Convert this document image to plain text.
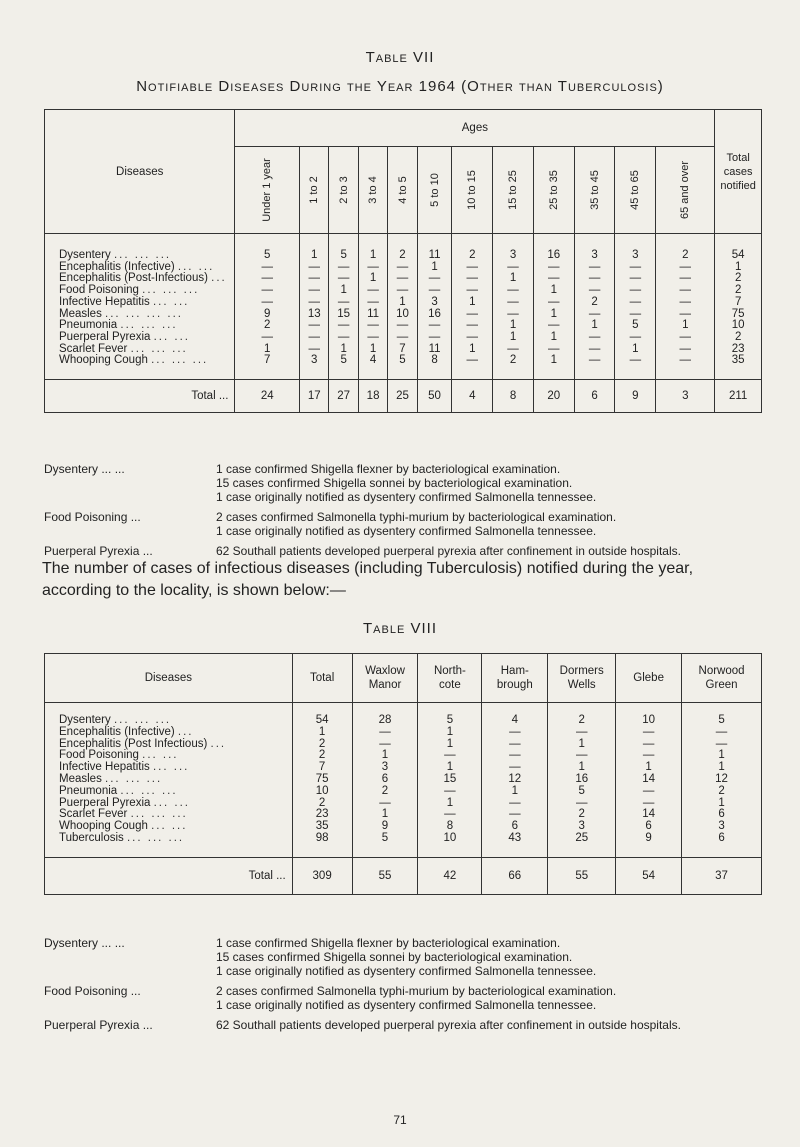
Table VII
Notifiable Diseases During the Year 1964 (Other than Tuberculosis)
Diseases	Ages												Total cases notified
	Under 1 year	1 to 2	2 to 3	3 to 4	4 to 5	5 to 10	10 to 15	15 to 25	25 to 35	35 to 45	45 to 65	65 and over	
Dysentery ... ... ...	5	1	5	1	2	11	2	3	16	3	3	2	54
Encephalitis (Infective) ... ...	—	—	—	—	—	1	—	—	—	—	—	—	1
Encephalitis (Post-Infectious) ...	—	—	—	1	—	—	—	1	—	—	—	—	2
Food Poisoning ... ... ...	—	—	1	—	—	—	—	—	1	—	—	—	2
Infective Hepatitis ... ...	—	—	—	—	1	3	1	—	—	2	—	—	7
Measles ... ... ... ...	9	13	15	11	10	16	—	—	1	—	—	—	75
Pneumonia ... ... ...	2	—	—	—	—	—	—	1	—	1	5	1	10
Puerperal Pyrexia ... ...	—	—	—	—	—	—	—	1	1	—	—	—	2
Scarlet Fever ... ... ...	1	—	1	1	7	11	1	—	—	—	1	—	23
Whooping Cough ... ... ...	7	3	5	4	5	8	—	2	1	—	—	—	35
Total ...	24	17	27	18	25	50	4	8	20	6	9	3	211
Dysentery ... ...	1 case confirmed Shigella flexner by bacteriological examination.
15 cases confirmed Shigella sonnei by bacteriological examination.
1 case originally notified as dysentery confirmed Salmonella tennessee.
Food Poisoning ...	2 cases confirmed Salmonella typhi-murium by bacteriological examination.
1 case originally notified as dysentery confirmed Salmonella tennessee.
Puerperal Pyrexia ...	62 Southall patients developed puerperal pyrexia after confinement in outside hospitals.
The number of cases of infectious diseases (including Tuberculosis) notified during the year, according to the locality, is shown below:—
Table VIII
Diseases	Total	Waxlow Manor	North- cote	Ham- brough	Dormers Wells	Glebe	Norwood Green
Dysentery ... ... ...	54	28	5	4	2	10	5
Encephalitis (Infective) ...	1	—	1	—	—	—	—
Encephalitis (Post Infectious) ...	2	—	1	—	1	—	—
Food Poisoning ... ...	2	1	—	—	—	—	1
Infective Hepatitis ... ...	7	3	1	—	1	1	1
Measles ... ... ...	75	6	15	12	16	14	12
Pneumonia ... ... ...	10	2	—	1	5	—	2
Puerperal Pyrexia ... ...	2	—	1	—	—	—	1
Scarlet Fever ... ... ...	23	1	—	—	2	14	6
Whooping Cough ... ...	35	9	8	6	3	6	3
Tuberculosis ... ... ...	98	5	10	43	25	9	6
Total ...	309	55	42	66	55	54	37
Dysentery ... ...	1 case confirmed Shigella flexner by bacteriological examination.
15 cases confirmed Shigella sonnei by bacteriological examination.
1 case originally notified as dysentery confirmed Salmonella tennessee.
Food Poisoning ...	2 cases confirmed Salmonella typhi-murium by bacteriological examination.
1 case originally notified as dysentery confirmed Salmonella tennessee.
Puerperal Pyrexia ...	62 Southall patients developed puerperal pyrexia after confinement in outside hospitals.
71
